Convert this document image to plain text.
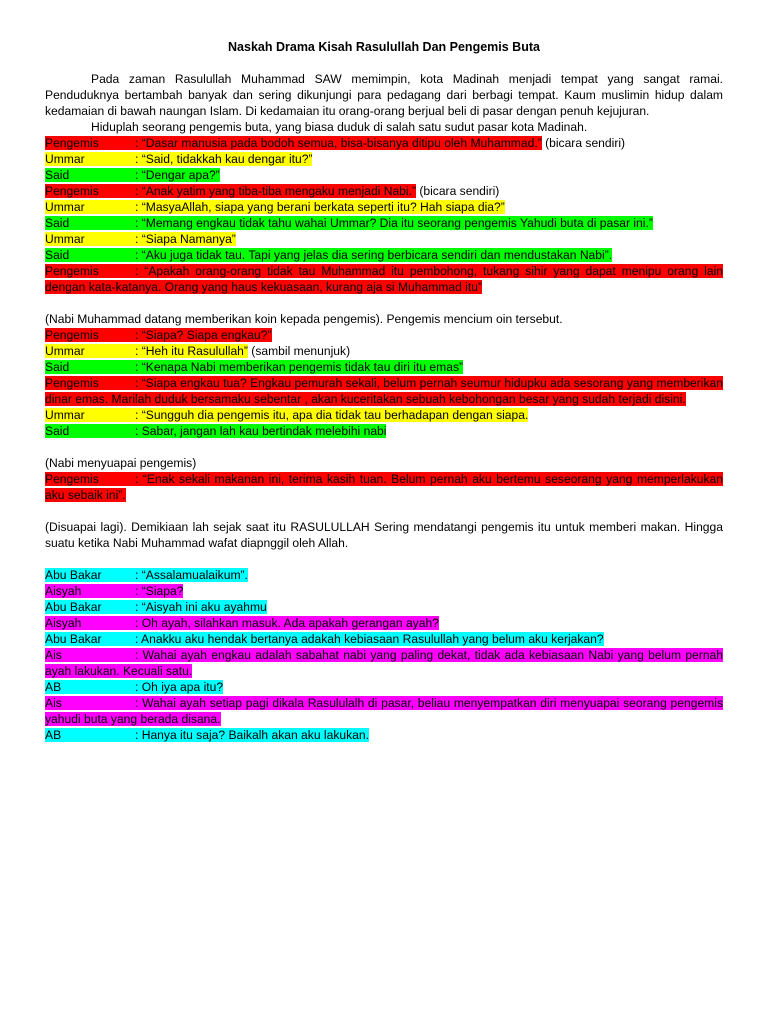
Naskah Drama Kisah Rasulullah Dan Pengemis Buta

Pada zaman Rasulullah Muhammad SAW memimpin, kota Madinah menjadi tempat yang sangat ramai. Penduduknya bertambah banyak dan sering dikunjungi para pedagang dari berbagi tempat. Kaum muslimin hidup dalam kedamaian di bawah naungan Islam. Di kedamaian itu orang-orang berjual beli di pasar dengan penuh kejujuran.

Hiduplah seorang pengemis buta, yang biasa duduk di salah satu sudut pasar kota Madinah.

Pengemis	: “Dasar manusia pada bodoh semua, bisa-bisanya ditipu oleh Muhammad.” (bicara sendiri)

Ummar	: “Said, tidakkah kau dengar itu?”

Said	: “Dengar apa?”

Pengemis	: “Anak yatim yang tiba-tiba mengaku menjadi Nabi.” (bicara sendiri)

Ummar	: “MasyaAllah, siapa yang berani berkata seperti itu? Hah siapa dia?”

Said	: “Memang engkau tidak tahu wahai Ummar? Dia itu seorang pengemis Yahudi buta di pasar ini.”

Ummar	: “Siapa Namanya”

Said	: “Aku juga tidak tau. Tapi yang jelas dia sering berbicara sendiri dan mendustakan Nabi”.

Pengemis	: “Apakah orang-orang tidak tau Muhammad itu pembohong, tukang sihir yang dapat menipu orang lain dengan kata-katanya. Orang yang haus kekuasaan, kurang aja si Muhammad itu”

(Nabi Muhammad datang memberikan koin kepada pengemis). Pengemis mencium oin tersebut.

Pengemis	: “Siapa? Siapa engkau?”

Ummar	: “Heh itu Rasulullah” (sambil menunjuk)

Said	: “Kenapa Nabi memberikan pengemis tidak tau diri itu emas”

Pengemis	: “Siapa engkau tua? Engkau pemurah sekali, belum pernah seumur hidupku ada sesorang yang memberikan dinar emas. Marilah duduk bersamaku sebentar , akan kuceritakan sebuah kebohongan besar yang sudah terjadi disini.

Ummar	: “Sungguh dia pengemis itu, apa dia tidak tau berhadapan dengan siapa.

Said	: Sabar, jangan lah kau bertindak melebihi nabi

(Nabi menyuapai pengemis)

Pengemis	: “Enak sekali makanan ini, terima kasih tuan. Belum pernah aku bertemu seseorang yang memperlakukan aku sebaik ini”.

(Disuapai lagi). Demikiaan lah sejak saat itu RASULULLAH Sering mendatangi pengemis itu untuk memberi makan. Hingga suatu ketika Nabi Muhammad wafat diapnggil oleh Allah.

Abu Bakar	: “Assalamualaikum”.

Aisyah	: “Siapa?

Abu Bakar	: “Aisyah ini aku ayahmu

Aisyah	: Oh ayah, silahkan masuk. Ada apakah gerangan ayah?

Abu Bakar	: Anakku aku hendak bertanya adakah kebiasaan Rasulullah yang belum aku kerjakan?

Ais	: Wahai ayah engkau adalah sabahat nabi yang paling dekat, tidak ada kebiasaan Nabi yang belum pernah ayah lakukan. Kecuali satu.

AB	: Oh iya apa itu?

Ais	: Wahai ayah setiap pagi dikala Rasululalh di pasar, beliau menyempatkan diri menyuapai seorang pengemis yahudi buta yang berada disana.

AB	: Hanya itu saja? Baikalh akan aku lakukan.
